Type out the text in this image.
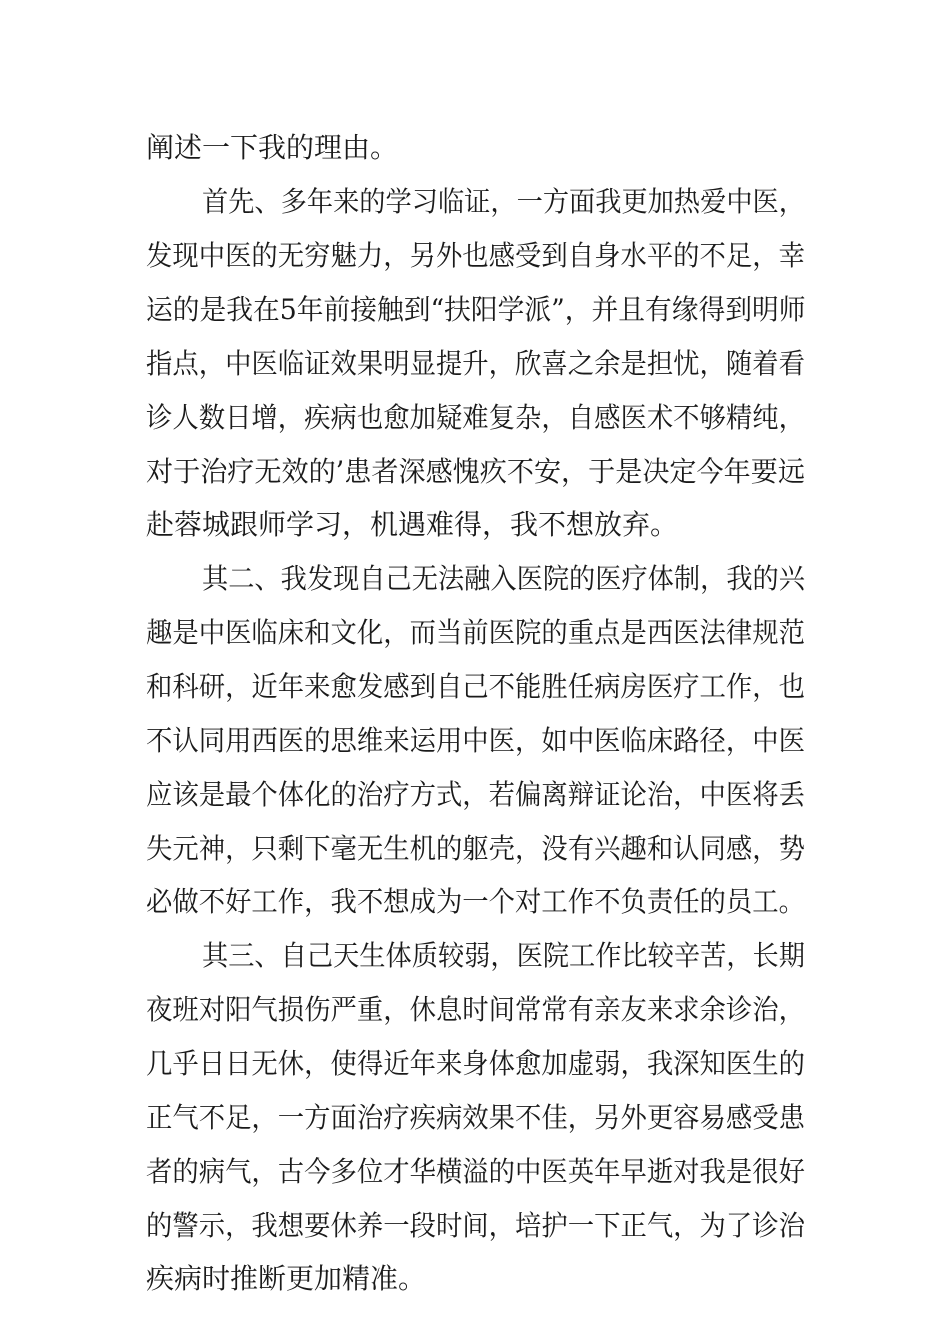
阐述一下我的理由。
首先、多年来的学习临证，一方面我更加热爱中医，
发现中医的无穷魅力，另外也感受到自身水平的不足，幸
运的是我在5年前接触到“扶阳学派”，并且有缘得到明师
指点，中医临证效果明显提升，欣喜之余是担忧，随着看
诊人数日增，疾病也愈加疑难复杂，自感医术不够精纯，
对于治疗无效的’患者深感愧疚不安，于是决定今年要远
赴蓉城跟师学习，机遇难得，我不想放弃。
其二、我发现自己无法融入医院的医疗体制，我的兴
趣是中医临床和文化，而当前医院的重点是西医法律规范
和科研，近年来愈发感到自己不能胜任病房医疗工作，也
不认同用西医的思维来运用中医，如中医临床路径，中医
应该是最个体化的治疗方式，若偏离辩证论治，中医将丢
失元神，只剩下毫无生机的躯壳，没有兴趣和认同感，势
必做不好工作，我不想成为一个对工作不负责任的员工。
其三、自己天生体质较弱，医院工作比较辛苦，长期
夜班对阳气损伤严重，休息时间常常有亲友来求余诊治，
几乎日日无休，使得近年来身体愈加虚弱，我深知医生的
正气不足，一方面治疗疾病效果不佳，另外更容易感受患
者的病气，古今多位才华横溢的中医英年早逝对我是很好
的警示，我想要休养一段时间，培护一下正气，为了诊治
疾病时推断更加精准。
